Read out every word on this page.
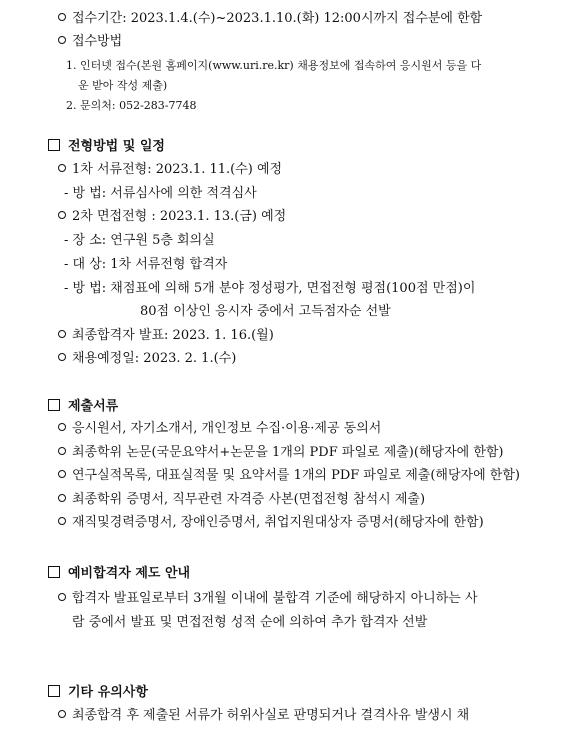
접수기간: 2023.1.4.(수)~2023.1.10.(화) 12:00시까지 접수분에 한함
접수방법
1. 인터넷 접수(본원 홈페이지(www.uri.re.kr) 채용정보에 접속하여 응시원서 등을 다
운 받아 작성 제출)
2. 문의처: 052-283-7748
전형방법 및 일정
1차 서류전형: 2023.1. 11.(수) 예정
- 방 법: 서류심사에 의한 적격심사
2차 면접전형 : 2023.1. 13.(금) 예정
- 장 소: 연구원 5층 회의실
- 대 상: 1차 서류전형 합격자
- 방 법: 채점표에 의해 5개 분야 정성평가, 면접전형 평점(100점 만점)이
80점 이상인 응시자 중에서 고득점자순 선발
최종합격자 발표: 2023. 1. 16.(월)
채용예정일: 2023. 2. 1.(수)
제출서류
응시원서, 자기소개서, 개인정보 수집·이용·제공 동의서
최종학위 논문(국문요약서+논문을 1개의 PDF 파일로 제출)(해당자에 한함)
연구실적목록, 대표실적물 및 요약서를 1개의 PDF 파일로 제출(해당자에 한함)
최종학위 증명서, 직무관련 자격증 사본(면접전형 참석시 제출)
재직및경력증명서, 장애인증명서, 취업지원대상자 증명서(해당자에 한함)
예비합격자 제도 안내
합격자 발표일로부터 3개월 이내에 불합격 기준에 해당하지 아니하는 사
람 중에서 발표 및 면접전형 성적 순에 의하여 추가 합격자 선발
기타 유의사항
최종합격 후 제출된 서류가 허위사실로 판명되거나 결격사유 발생시 채
